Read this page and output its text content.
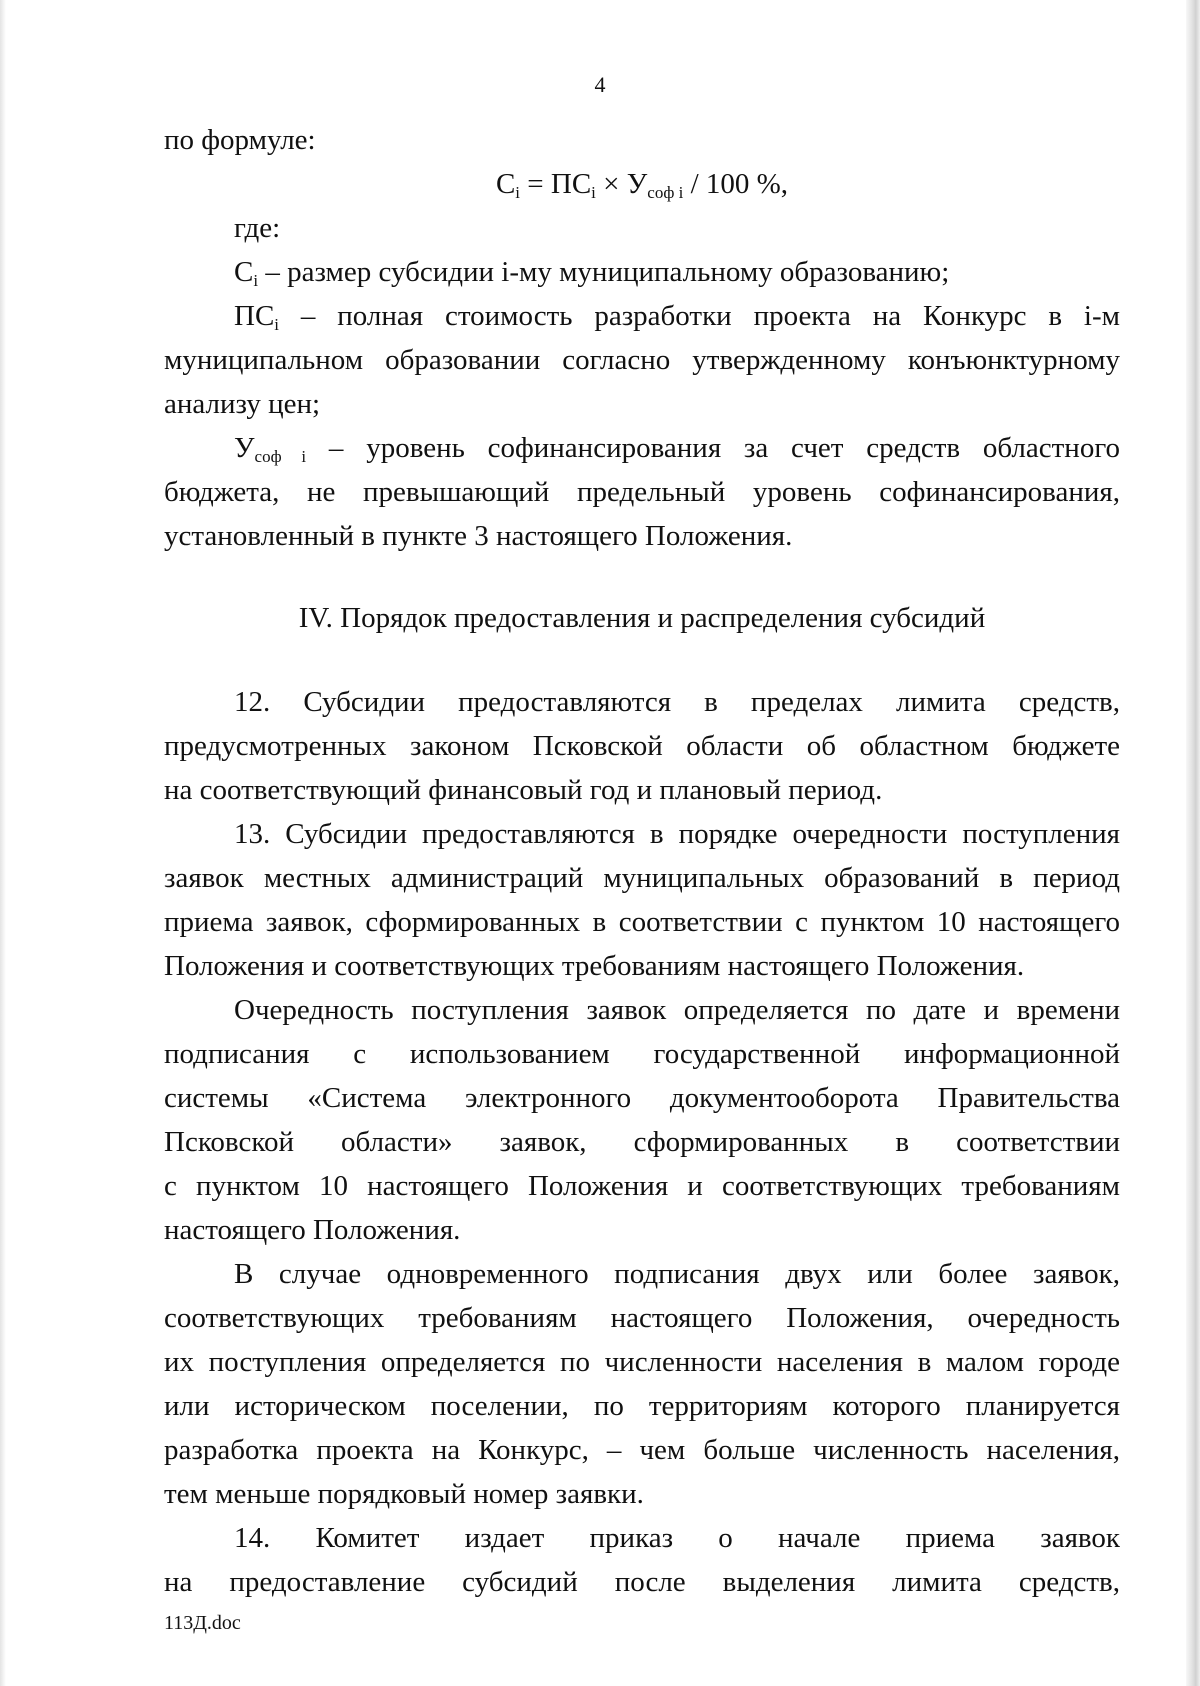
4
по формуле:
$C_i = ПС_i \times У_{соф i} / 100$ %,
где:
$C_i$ – размер субсидии i-му муниципальному образованию;
$ПС_i$ – полная стоимость разработки проекта на Конкурс в i-м
муниципальном образовании согласно утвержденному конъюнктурному
анализу цен;
$У_{соф i}$ – уровень софинансирования за счет средств областного
бюджета, не превышающий предельный уровень софинансирования,
установленный в пункте 3 настоящего Положения.
IV. Порядок предоставления и распределения субсидий
12. Субсидии предоставляются в пределах лимита средств,
предусмотренных законом Псковской области об областном бюджете
на соответствующий финансовый год и плановый период.
13. Субсидии предоставляются в порядке очередности поступления
заявок местных администраций муниципальных образований в период
приема заявок, сформированных в соответствии с пунктом 10 настоящего
Положения и соответствующих требованиям настоящего Положения.
Очередность поступления заявок определяется по дате и времени
подписания с использованием государственной информационной
системы «Система электронного документооборота Правительства
Псковской области» заявок, сформированных в соответствии
с пунктом 10 настоящего Положения и соответствующих требованиям
настоящего Положения.
В случае одновременного подписания двух или более заявок,
соответствующих требованиям настоящего Положения, очередность
их поступления определяется по численности населения в малом городе
или историческом поселении, по территориям которого планируется
разработка проекта на Конкурс, – чем больше численность населения,
тем меньше порядковый номер заявки.
14. Комитет издает приказ о начале приема заявок
на предоставление субсидий после выделения лимита средств,
113Д.doc
